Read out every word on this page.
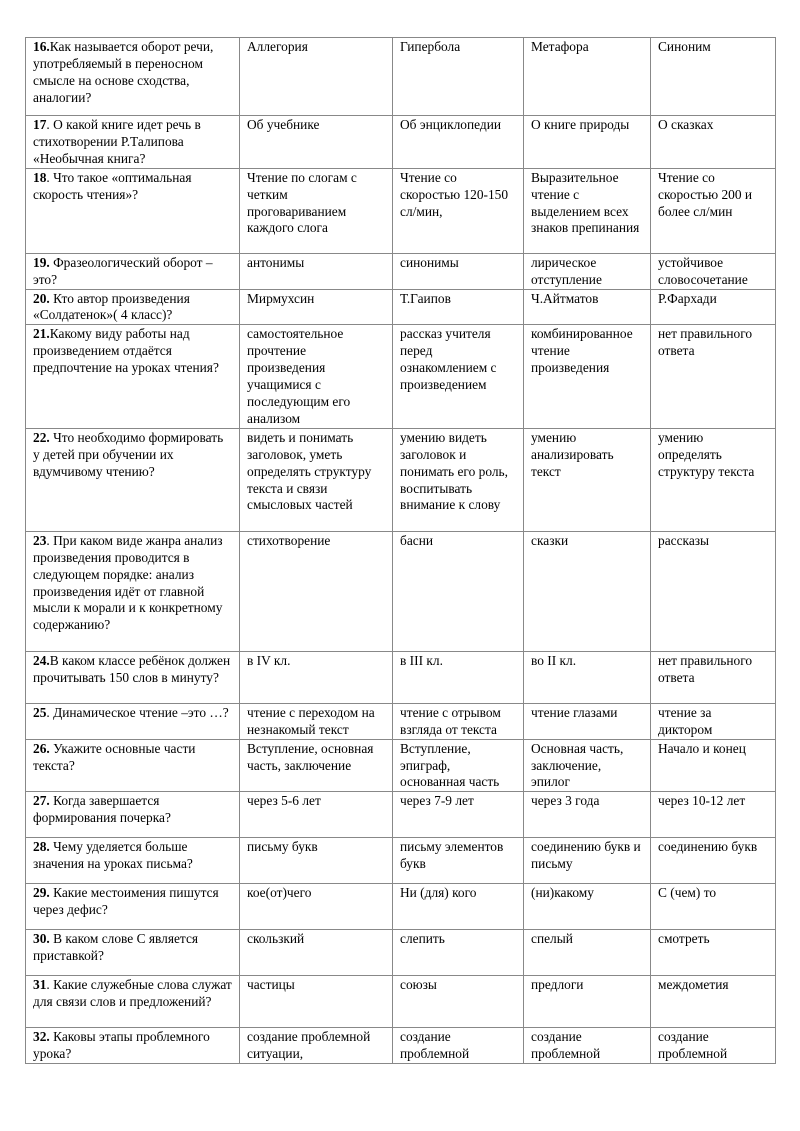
16.Как называется оборот речи, употребляемый в переносном смысле на основе сходства, аналогии?	Аллегория	Гипербола	Метафора	Синоним
17. О какой книге идет речь в стихотворении Р.Талипова «Необычная книга?	Об учебнике	Об энциклопедии	О книге природы	О сказках
18. Что такое «оптимальная скорость чтения»?	Чтение по слогам с четким проговариванием каждого слога	Чтение со скоростью 120-150 сл/мин,	Выразительное чтение с выделением всех знаков препинания	Чтение со скоростью 200 и более сл/мин
19. Фразеологический оборот – это?	антонимы	синонимы	лирическое отступление	устойчивое словосочетание
20. Кто автор произведения «Солдатенок»( 4 класс)?	Мирмухсин	Т.Гаипов	Ч.Айтматов	Р.Фархади
21.Какому виду работы над произведением отдаётся предпочтение на уроках чтения?	самостоятельное прочтение произведения учащимися с последующим его анализом	рассказ учителя перед ознакомлением с произведением	комбинированное чтение произведения	нет правильного ответа
22. Что необходимо формировать у детей при обучении их вдумчивому чтению?	видеть и понимать заголовок, уметь определять структуру текста и связи смысловых частей	умению видеть заголовок и понимать его роль, воспитывать внимание к слову	умению анализировать текст	умению определять структуру текста
23. При каком виде жанра анализ произведения проводится в следующем порядке: анализ произведения идёт от главной мысли к морали и к конкретному содержанию?	стихотворение	басни	сказки	рассказы
24.В каком классе ребёнок должен прочитывать 150 слов в минуту?	в IV кл.	в III кл.	во II кл.	нет правильного ответа
25. Динамическое чтение –это …?	чтение с переходом на незнакомый текст	чтение с отрывом взгляда от текста	чтение глазами	чтение за диктором
26. Укажите основные части текста?	Вступление, основная часть, заключение	Вступление, эпиграф, основанная часть	Основная часть, заключение, эпилог	Начало и конец
27. Когда завершается формирования почерка?	через 5-6 лет	через 7-9 лет	через 3 года	через 10-12 лет
28. Чему уделяется больше значения на уроках письма?	письму букв	письму элементов букв	соединению букв и письму	соединению букв
29. Какие местоимения пишутся через дефис?	кое(от)чего	Ни (для) кого	(ни)какому	С (чем) то
30. В каком слове С является приставкой?	скользкий	слепить	спелый	смотреть
31. Какие служебные слова служат для связи слов и предложений?	частицы	союзы	предлоги	междометия
32. Каковы этапы проблемного урока?	создание проблемной ситуации,	создание проблемной	создание проблемной	создание проблемной
